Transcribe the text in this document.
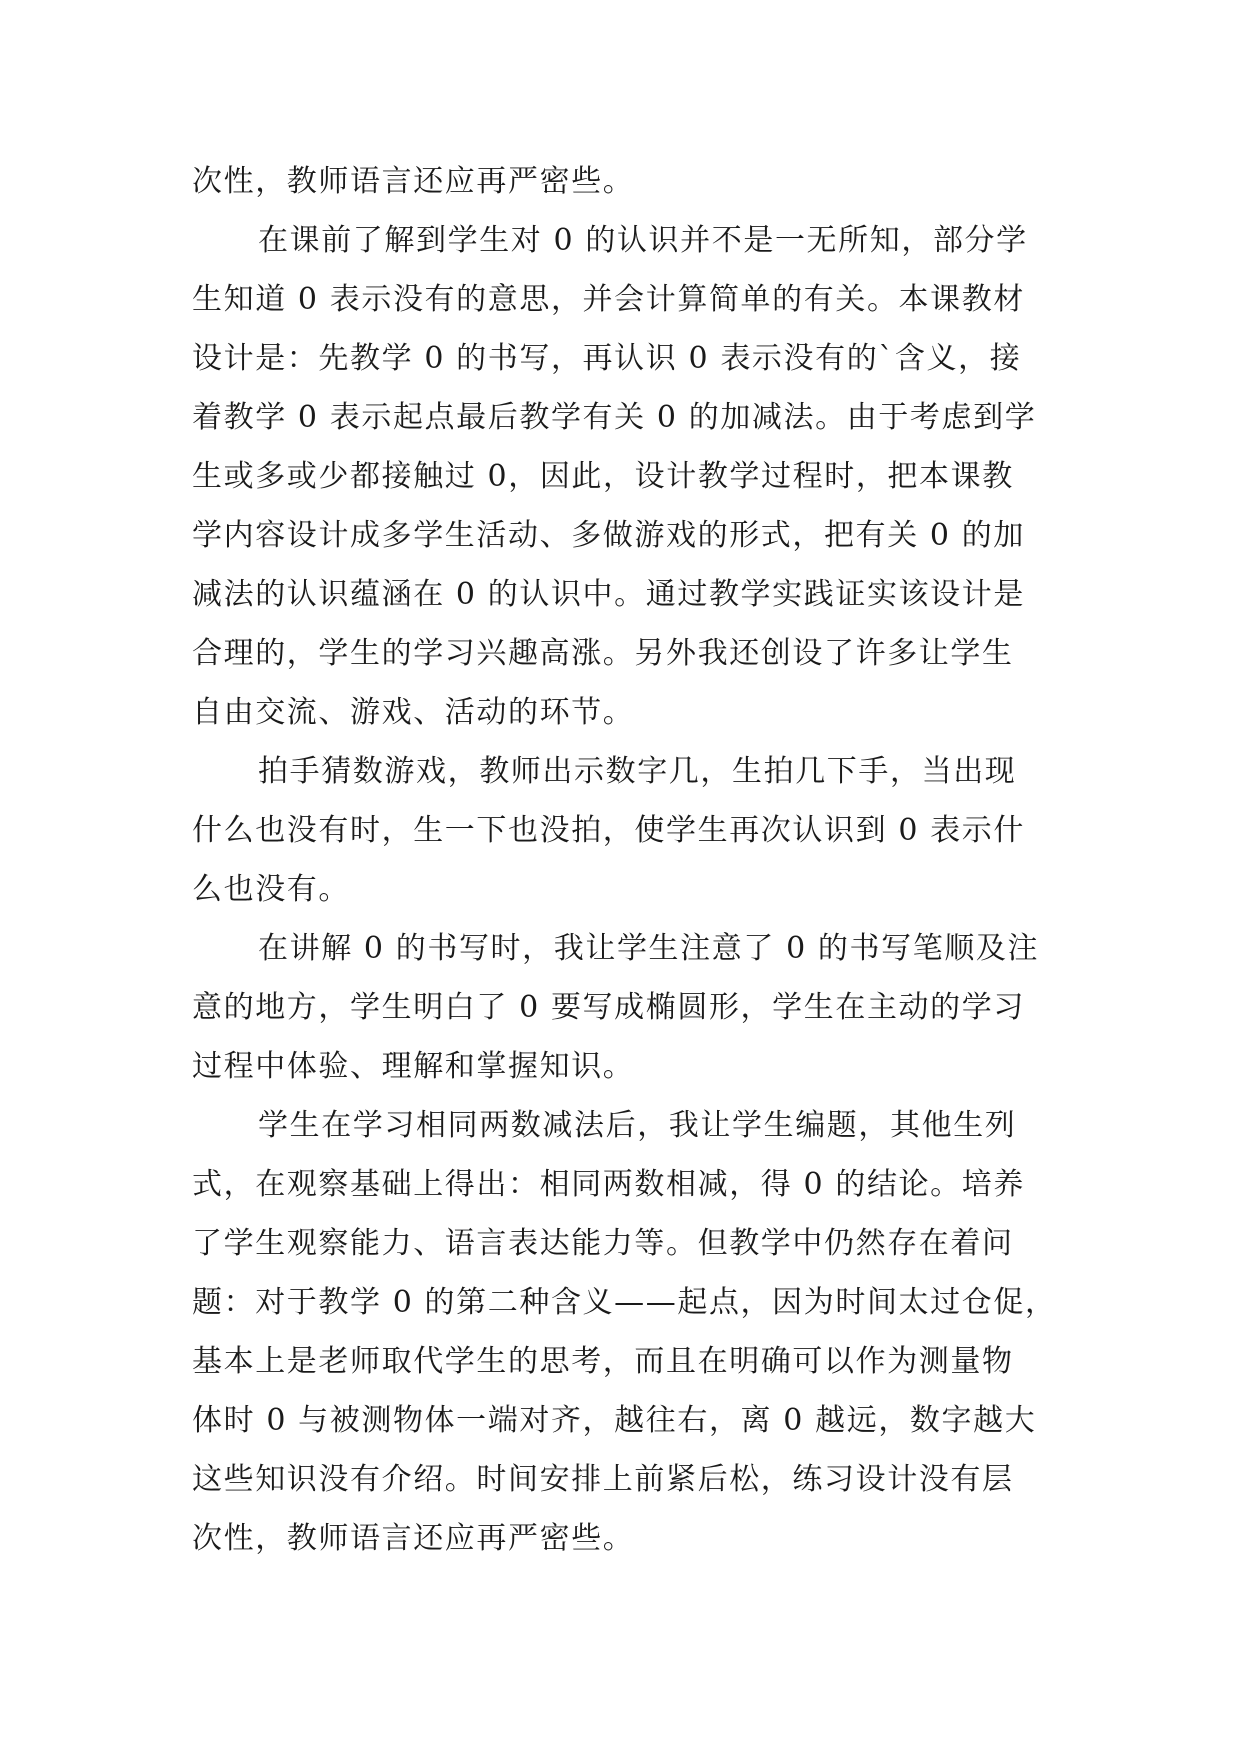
次性，教师语言还应再严密些。
在课前了解到学生对 0 的认识并不是一无所知，部分学
生知道 0 表示没有的意思，并会计算简单的有关。本课教材
设计是：先教学 0 的书写，再认识 0 表示没有的`含义，接
着教学 0 表示起点最后教学有关 0 的加减法。由于考虑到学
生或多或少都接触过 0，因此，设计教学过程时，把本课教
学内容设计成多学生活动、多做游戏的形式，把有关 0 的加
减法的认识蕴涵在 0 的认识中。通过教学实践证实该设计是
合理的，学生的学习兴趣高涨。另外我还创设了许多让学生
自由交流、游戏、活动的环节。
拍手猜数游戏，教师出示数字几，生拍几下手，当出现
什么也没有时，生一下也没拍，使学生再次认识到 0 表示什
么也没有。
在讲解 0 的书写时，我让学生注意了 0 的书写笔顺及注
意的地方，学生明白了 0 要写成椭圆形，学生在主动的学习
过程中体验、理解和掌握知识。
学生在学习相同两数减法后，我让学生编题，其他生列
式，在观察基础上得出：相同两数相减，得 0 的结论。培养
了学生观察能力、语言表达能力等。但教学中仍然存在着问
题：对于教学 0 的第二种含义——起点，因为时间太过仓促，
基本上是老师取代学生的思考，而且在明确可以作为测量物
体时 0 与被测物体一端对齐，越往右，离 0 越远，数字越大
这些知识没有介绍。时间安排上前紧后松，练习设计没有层
次性，教师语言还应再严密些。
